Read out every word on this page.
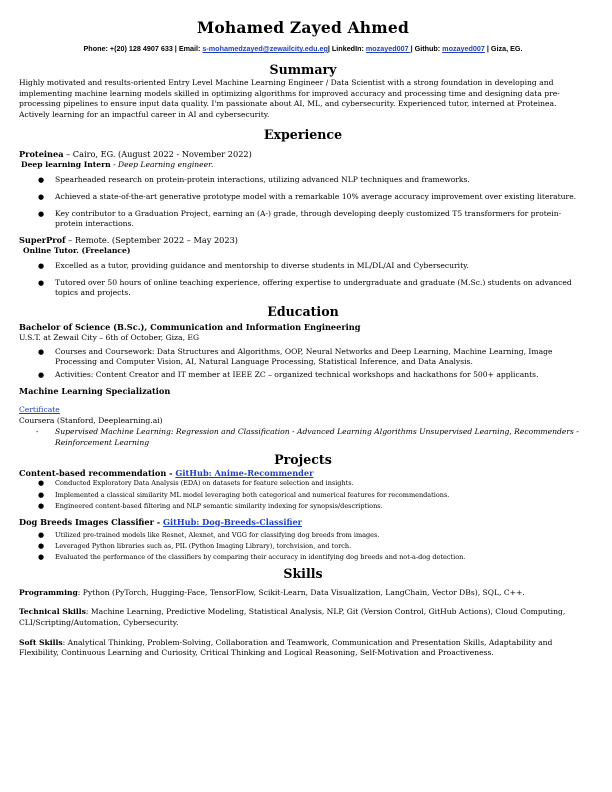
Mohamed Zayed Ahmed
Phone: +(20) 128 4907 633 | Email: s-mohamedzayed@zewailcity.edu.eg| LinkedIn: mozayed007 | Github: mozayed007 | Giza, EG.
Summary

Highly motivated and results-oriented Entry Level Machine Learning Engineer / Data Scientist with a strong foundation in developing and implementing machine learning models skilled in optimizing algorithms for improved accuracy and processing time and designing data pre-processing pipelines to ensure input data quality. I'm passionate about AI, ML, and cybersecurity. Experienced tutor, interned at Proteinea. Actively learning for an impactful career in AI and cybersecurity.

Experience

Proteinea – Cairo, EG. (August 2022 - November 2022)

Deep learning Intern - Deep Learning engineer.

● Spearheaded research on protein-protein interactions, utilizing advanced NLP techniques and frameworks.
● Achieved a state-of-the-art generative prototype model with a remarkable 10% average accuracy improvement over existing literature.
● Key contributor to a Graduation Project, earning an (A-) grade, through developing deeply customized T5 transformers for protein-protein interactions.

SuperProf – Remote. (September 2022 – May 2023)

Online Tutor. (Freelance)

● Excelled as a tutor, providing guidance and mentorship to diverse students in ML/DL/AI and Cybersecurity.
● Tutored over 50 hours of online teaching experience, offering expertise to undergraduate and graduate (M.Sc.) students on advanced topics and projects.
Education

Bachelor of Science (B.Sc.), Communication and Information Engineering

U.S.T. at Zewail City – 6th of October, Giza, EG

● Courses and Coursework: Data Structures and Algorithms, OOP, Neural Networks and Deep Learning, Machine Learning, Image Processing and Computer Vision, AI, Natural Language Processing, Statistical Inference, and Data Analysis.
● Activities: Content Creator and IT member at IEEE ZC – organized technical workshops and hackathons for 500+ applicants.

Machine Learning Specialization

Certificate

Coursera (Stanford, Deeplearning.ai)

- Supervised Machine Learning: Regression and Classification - Advanced Learning Algorithms Unsupervised Learning, Recommenders - Reinforcement Learning
Projects

Content-based recommendation - GitHub: Anime-Recommender

● Conducted Exploratory Data Analysis (EDA) on datasets for feature selection and insights.
● Implemented a classical similarity ML model leveraging both categorical and numerical features for recommendations.
● Engineered content-based filtering and NLP semantic similarity indexing for synopsis/descriptions.

Dog Breeds Images Classifier - GitHub: Dog-Breeds-Classifier

● Utilized pre-trained models like Resnet, Alexnet, and VGG for classifying dog breeds from images.
● Leveraged Python libraries such as, PIL (Python Imaging Library), torchvision, and torch.
● Evaluated the performance of the classifiers by comparing their accuracy in identifying dog breeds and not-a-dog detection.
Skills

Programming: Python (PyTorch, Hugging-Face, TensorFlow, Scikit-Learn, Data Visualization, LangChain, Vector DBs), SQL, C++.

Technical Skills: Machine Learning, Predictive Modeling, Statistical Analysis, NLP, Git (Version Control, GitHub Actions), Cloud Computing, CLI/Scripting/Automation, Cybersecurity.

Soft Skills: Analytical Thinking, Problem-Solving, Collaboration and Teamwork, Communication and Presentation Skills, Adaptability and Flexibility, Continuous Learning and Curiosity, Critical Thinking and Logical Reasoning, Self-Motivation and Proactiveness.
